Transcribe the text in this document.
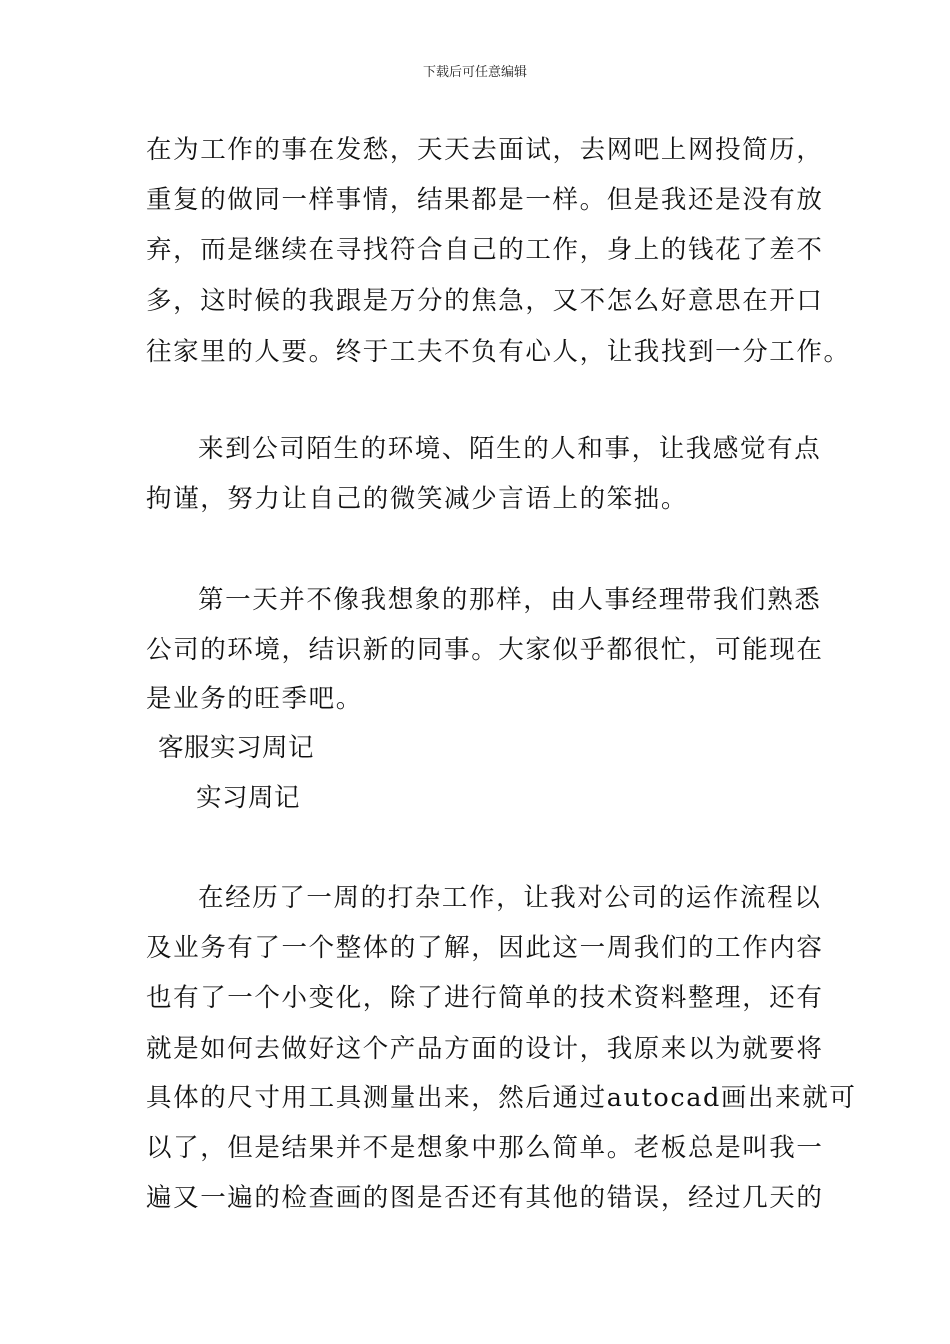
下载后可任意编辑
在为工作的事在发愁，天天去面试，去网吧上网投简历，
重复的做同一样事情，结果都是一样。但是我还是没有放
弃，而是继续在寻找符合自己的工作，身上的钱花了差不
多，这时候的我跟是万分的焦急，又不怎么好意思在开口
往家里的人要。终于工夫不负有心人，让我找到一分工作。
来到公司陌生的环境、陌生的人和事，让我感觉有点
拘谨，努力让自己的微笑减少言语上的笨拙。
第一天并不像我想象的那样，由人事经理带我们熟悉
公司的环境，结识新的同事。大家似乎都很忙，可能现在
是业务的旺季吧。
客服实习周记
实习周记
在经历了一周的打杂工作，让我对公司的运作流程以
及业务有了一个整体的了解，因此这一周我们的工作内容
也有了一个小变化，除了进行简单的技术资料整理，还有
就是如何去做好这个产品方面的设计，我原来以为就要将
具体的尺寸用工具测量出来，然后通过autocad画出来就可
以了，但是结果并不是想象中那么简单。老板总是叫我一
遍又一遍的检查画的图是否还有其他的错误，经过几天的
